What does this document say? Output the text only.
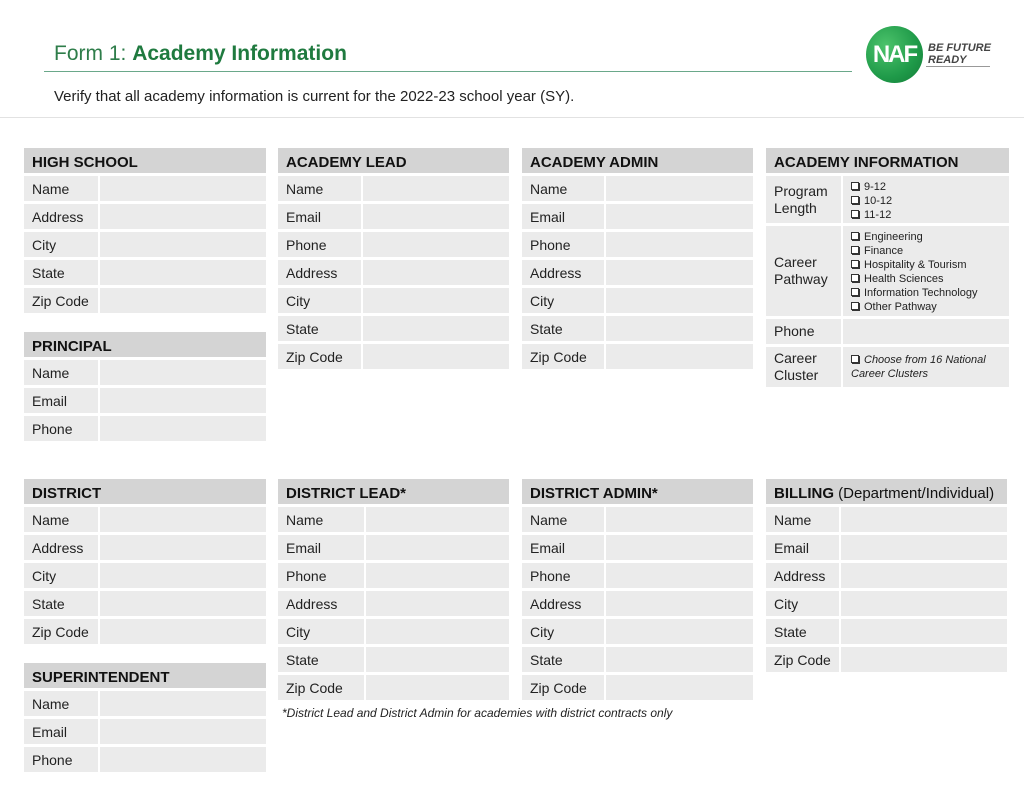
Form 1: Academy Information
Verify that all academy information is current for the 2022-23 school year (SY).
NAF	BE FUTURE
READY
HIGH SCHOOL
Name
Address
City
State
Zip Code
PRINCIPAL
Name
Email
Phone
ACADEMY LEAD
Name
Email
Phone
Address
City
State
Zip Code
ACADEMY ADMIN
Name
Email
Phone
Address
City
State
Zip Code
ACADEMY INFORMATION
Program Length
9-12
10-12
11-12
Career Pathway
Engineering
Finance
Hospitality & Tourism
Health Sciences
Information Technology
Other Pathway
Phone
Career Cluster
Choose from 16 National Career Clusters
DISTRICT
Name
Address
City
State
Zip Code
SUPERINTENDENT
Name
Email
Phone
DISTRICT LEAD*
Name
Email
Phone
Address
City
State
Zip Code
DISTRICT ADMIN*
Name
Email
Phone
Address
City
State
Zip Code
BILLING (Department/Individual)
Name
Email
Address
City
State
Zip Code
*District Lead and District Admin for academies with district contracts only
